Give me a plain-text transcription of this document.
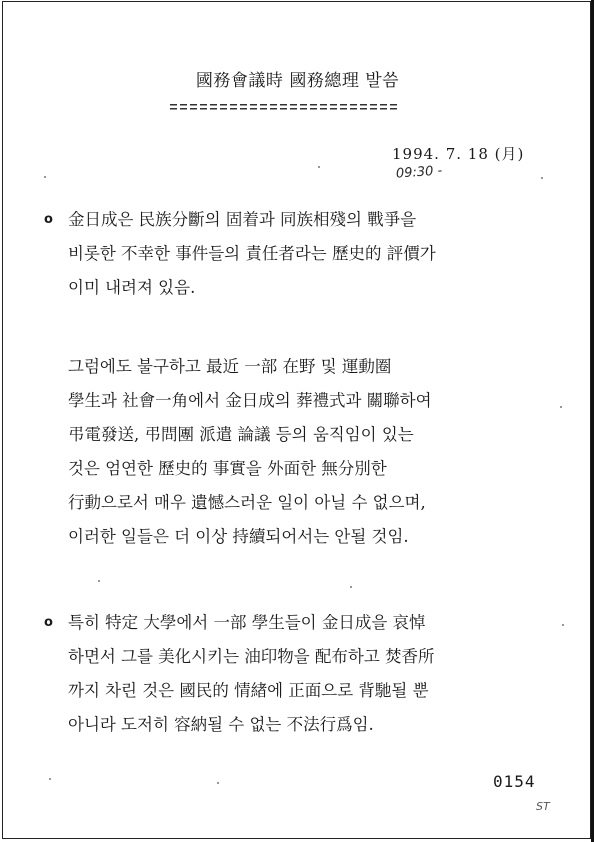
國務會議時 國務總理 발씀
1994. 7. 18 (月)
09:30 -
o 金日成은 民族分斷의 固着과 同族相殘의 戰爭을
비롯한 不幸한 事件들의 責任者라는 歷史的 評價가
이미 내려져 있음.
그럼에도 불구하고 最近 一部 在野 및 運動圈
學生과 社會一角에서 金日成의 葬禮式과 關聯하여
弔電發送, 弔問團 派遣 論議 등의 움직임이 있는
것은 엄연한 歷史的 事實을 外面한 無分別한
行動으로서 매우 遺憾스러운 일이 아닐 수 없으며,
이러한 일들은 더 이상 持續되어서는 안될 것임.
o 특히 特定 大學에서 一部 學生들이 金日成을 哀悼
하면서 그를 美化시키는 油印物을 配布하고 焚香所
까지 차린 것은 國民的 情緖에 正面으로 背馳될 뿐
아니라 도저히 容納될 수 없는 不法行爲임.
0154
ST
